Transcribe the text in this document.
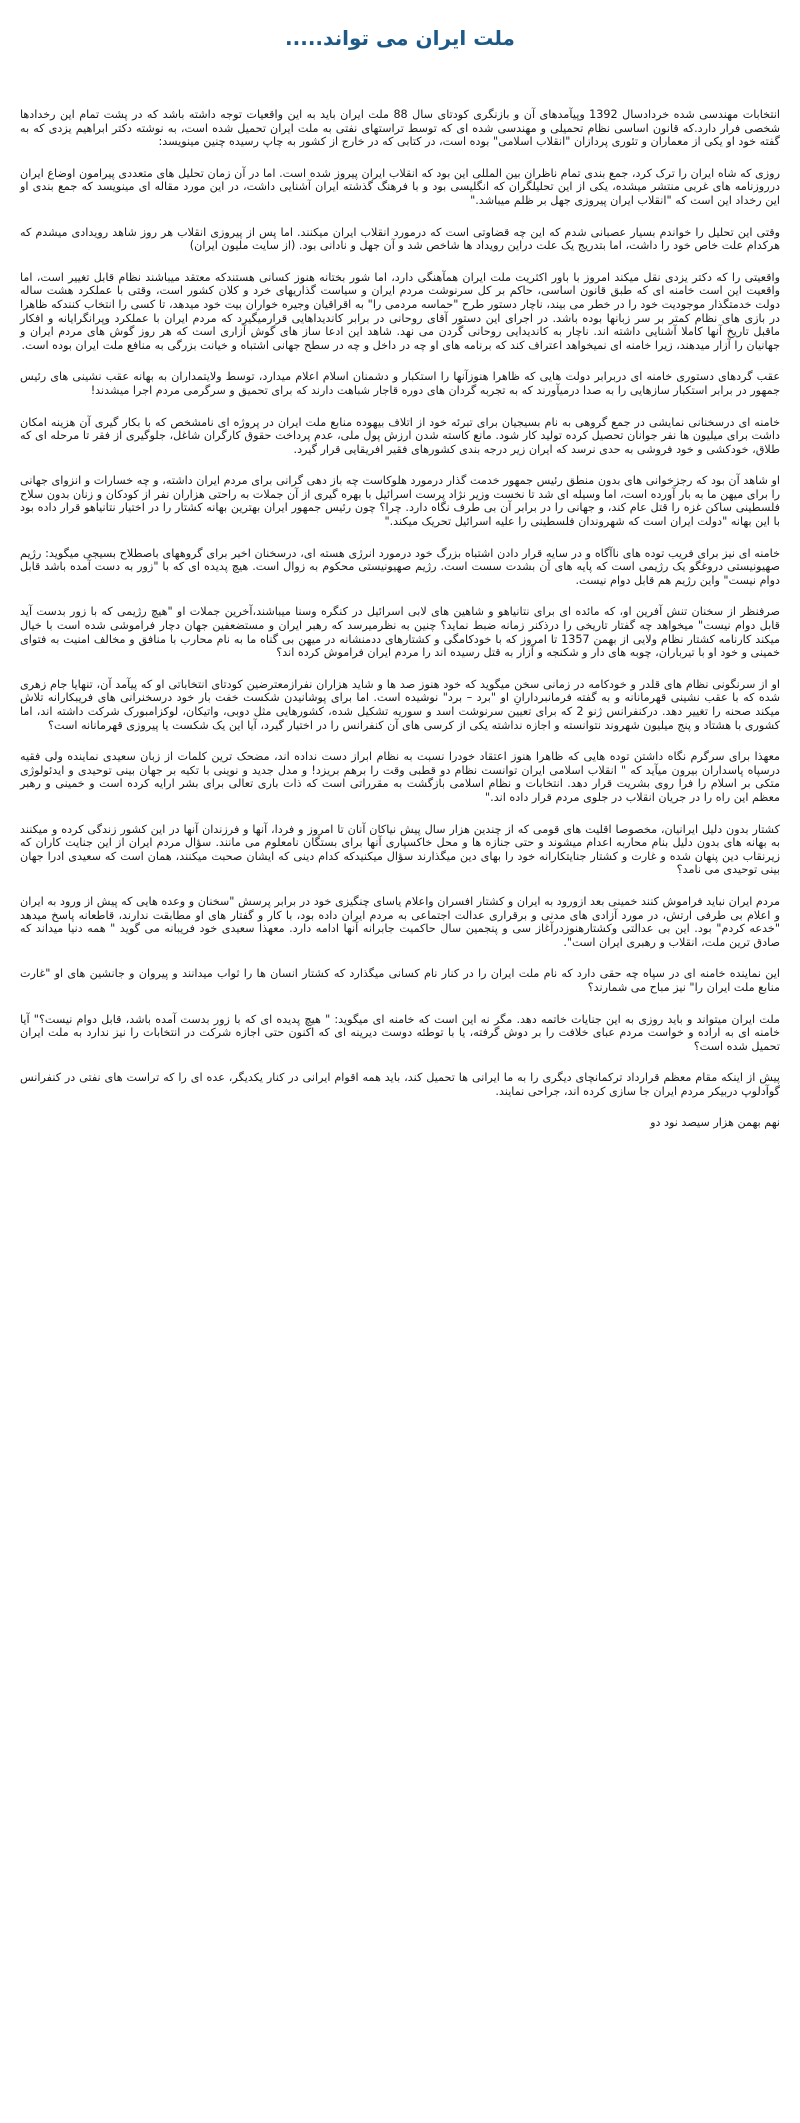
ملت ایران می تواند.....

انتخابات مهندسی شده خردادسال 1392 وپیآمدهای آن و بازنگری کودتای سال 88 ملت ایران باید به این واقعیات توجه داشته باشد که در پشت تمام این رخدادها شخصی فرار دارد.که قانون اساسی نظام تحمیلی و مهندسی شده ای که توسط تراستهای نفتی به ملت ایران تحمیل شده است، به نوشته دکتر ابراهیم یزدی که به گفته خود او یکی از معماران و تئوری پردازان "انقلاب اسلامی" بوده است، در کتابی که در خارج از کشور به چاپ رسیده چنین مینویسد:

روزی که شاه ایران را ترک کرد، جمع بندی تمام ناظران بین المللی این بود که انقلاب ایران پیروز شده است. اما در آن زمان تحلیل های متعددی پیرامون اوضاع ایران درروزنامه های غربی منتشر میشده، یکی از این تحلیلگران که انگلیسی بود و با فرهنگ گذشته ایران آشنایی داشت، در این مورد مقاله ای مینویسد که جمع بندی او این رخداد این است که "انقلاب ایران پیروزی جهل بر ظلم میباشد."

وقتی این تحلیل را خواندم بسیار عصبانی شدم که این چه قضاوتی است که درمورد انقلاب ایران میکنند. اما پس از پیروزی انقلاب هر روز شاهد رویدادی میشدم که هرکدام علت خاص خود را داشت، اما بتدریج یک علت دراین رویداد ها شاخص شد و آن جهل و نادانی بود. (از سایت ملیون ایران)

واقعیتی را که دکتر یزدی نقل میکند امروز با باور اکثریت ملت ایران همآهنگی دارد، اما شور بختانه هنوز کسانی هستندکه معتقد میباشند نظام قابل تغییر است، اما واقعیت این است خامنه ای که طبق قانون اساسی، حاکم بر کل سرنوشت مردم ایران و سیاست گذاریهای خرد و کلان کشور است، وقتی با عملکرد هشت ساله دولت خدمتگذار موجودیت خود را در خطر می بیند، ناچار دستور طرح "حماسه مردمی را" به اقراقیان وجیره خواران بیت خود میدهد، تا کسی را انتخاب کنندکه ظاهرا در بازی های نظام کمتر بر سر زبانها بوده باشد. در اجرای این دستور آقای روحانی در برابر کاندیداهایی قرارمیگیرد که مردم ایران با عملکرد وپرانگرایانه و افکار ماقبل تاریخ آنها کاملا آشنایی داشته اند. ناچار به کاندیدایی روحانی گردن می نهد. شاهد این ادعا ساز های گوش آزاری است که هر روز گوش های مردم ایران و جهانیان را آزار میدهند، زیرا خامنه ای نمیخواهد اعتراف کند که برنامه های او چه در داخل و چه در سطح جهانی اشتباه و خیانت بزرگی به منافع ملت ایران بوده است.

عقب گردهای دستوری خامنه ای دربرابر دولت هایی که ظاهرا هنوزآنها را استکبار و دشمنان اسلام اعلام میدارد، توسط ولایتمداران به بهانه عقب نشینی های رئیس جمهور در برابر استکبار سازهایی را به صدا درمیآورند که به تجربه گردان های دوره قاجار شباهت دارند که برای تحمیق و سرگرمی مردم اجرا میشدند!

خامنه ای درسخنانی نمایشی در جمع گروهی به نام بسیجیان برای تبرئه خود از اتلاف بیهوده منابع ملت ایران در پروژه ای نامشخص که با بکار گیری آن هزینه امکان داشت برای میلیون ها نفر جوانان تحصیل کرده تولید کار شود. مانع کاسته شدن ارزش پول ملی، عدم پرداخت حقوق کارگران شاغل، جلوگیری از فقر تا مرحله ای که طلاق، خودکشی و خود فروشی به حدی نرسد که ایران زیر درجه بندی کشورهای فقیر افریقایی قرار گیرد.

او شاهد آن بود که رجزخوانی های بدون منطق رئیس جمهور خدمت گذار درمورد هلوکاست چه باز دهی گرانی برای مردم ایران داشته، و چه خسارات و انزوای جهانی را برای میهن ما به بار آورده است، اما وسیله ای شد تا نخست وزیر نژاد پرست اسرائیل با بهره گیری از آن جملات به راحتی هزاران نفر از کودکان و زنان بدون سلاح فلسطینی ساکن غزه را قتل عام کند، و جهانی را در برابر آن بی طرف نگاه دارد. چرا؟ چون رئیس جمهور ایران بهترین بهانه کشتار را در اختیار نتانیاهو قرار داده بود با این بهانه "دولت ایران است که شهروندان فلسطینی را علیه اسرائیل تحریک میکند."

خامنه ای نیز برای فریب توده های ناآگاه و در سایه قرار دادن اشتباه بزرگ خود درمورد انرژی هسته ای، درسخنان اخیر برای گروههای باصطلاح بسیجی میگوید: رژیم صهیونیستی دروغگو یک رژیمی است که پایه های آن بشدت سست است. رژیم صهیونیستی محکوم به زوال است. هیچ پدیده ای که با "زور به دست آمده باشد قابل دوام نیست" واین رژیم هم قابل دوام نیست.

صرفنظر از سخنان تنش آفرین او، که مائده ای برای نتانیاهو و شاهین های لابی اسرائیل در کنگره وسنا میباشند،آخرین جملات او "هیچ رژیمی که با زور بدست آید قابل دوام نیست" میخواهد چه گفتار تاریخی را درذکنر زمانه ضبط نماید؟ چنین به نظرمیرسد که رهبر ایران و مستضعفین جهان دچار فراموشی شده است با خیال میکند کارنامه کشتار نظام ولایی از بهمن 1357 تا امروز که با خودکامگی و کشتارهای ددمنشانه در میهن بی گناه ما به نام محارب با منافق و مخالف امنیت به فتوای خمینی و خود او با تیرباران، چوبه های دار و شکنجه و آزار به قتل رسیده اند را مردم ایران فراموش کرده اند؟

او از سرنگونی نظام های قلدر و خودکامه در زمانی سخن میگوید که خود هنوز صد ها و شاید هزاران نفرازمعترضین کودتای انتخاباتی او که پیآمد آن، تنهایا جام زهری شده که با عقب نشینی قهرمانانه و به گفته فرمانبردارانِ او "برد – برد" نوشیده است. اما برای پوشانیدن شکست خفت بار خود درسخنرانی های فریبکارانه تلاش میکند صحنه را تغییر دهد. درکنفرانس ژنو 2 که برای تعیین سرنوشت اسد و سوریه تشکیل شده، کشورهایی مثل دوبی، واتیکان، لوکزامبورک شرکت داشته اند، اما کشوری با هشتاد و پنج میلیون شهروند نتوانسته و اجازه نداشته یکی از کرسی های آن کنفرانس را در اختیار گیرد، آیا این یک شکست یا پیروزی قهرمانانه است؟

معهذا برای سرگرم نگاه داشتن توده هایی که ظاهرا هنوز اعتقاد خودرا نسبت به نظام ابراز دست نداده اند، مضحک ترین کلمات از زبان سعیدی نماینده ولی فقیه درسپاه پاسداران بیرون میآید که " انقلاب اسلامی ایران توانست نظام دو قطبی وقت را برهم بریزد! و مدل جدید و نوینی با تکیه بر جهان بینی توحیدی و ایدئولوژی متکی بر اسلام را فرا روی بشریت قرار دهد. انتخابات و نظام اسلامی بازگشت به مقرراتی است که ذات باری تعالی برای بشر ارایه کرده است و خمینی و رهبر معظم این راه را در جریان انقلاب در جلوی مردم قرار داده اند."

کشتار بدون دلیل ایرانیان، مخصوصا اقلیت های قومی که از چندین هزار سال پیش نیاکان آنان تا امروز و فردا، آنها و فرزندان آنها در این کشور زندگی کرده و میکنند به بهانه های بدون دلیل بنام محاربه اعدام میشوند و حتی جنازه ها و محل خاکسپاری آنها برای بستگان نامعلوم می مانند. سؤال مردم ایران از این جنایت کاران که زیرنقاب دین پنهان شده و غارت و کشتار جنایتکارانه خود را بهای دین میگذارند سؤال میکنیدکه کدام دینی که ایشان صحبت میکنند، همان است که سعیدی ادرا جهان بینی توحیدی می نامد؟

مردم ایران نباید فراموش کنند خمینی بعد ازورود به ایران و کشتار افسران واعلام یاسای چنگیزی خود در برابر پرسش "سخنان و وعده هایی که پیش از ورود به ایران و اعلام بی طرفی ارتش، در مورد آزادی های مدنی و برقراری عدالت اجتماعی به مردم ایران داده بود، با کار و گفتار های او مطابقت ندارند، قاطعانه پاسخ میدهد "خدعه کردم" بود. این بی عدالتی وکشتارهنوزدرآغاز سی و پنجمین سال حاکمیت جابرانه آنها ادامه دارد. معهذا سعیدی خود فریبانه می گوید " همه دنیا میداند که صادق ترین ملت، انقلاب و رهبری ایران است".

این نماینده خامنه ای در سپاه چه حقی دارد که نام ملت ایران را در کنار نام کسانی میگذارد که کشتار انسان ها را ثواب میدانند و پیروان و جانشین های او "غارت منابع ملت ایران را" نیز مباح می شمارند؟

ملت ایران میتواند و باید روزی به این جنایات خاتمه دهد. مگر نه این است که خامنه ای میگوید: " هیچ پدیده ای که با زور بدست آمده باشد، قابل دوام نیست؟" آیا خامنه ای به اراده و خواست مردم عبای خلافت را بر دوش گرفته، یا با توطئه دوست دیرینه ای که اکنون حتی اجازه شرکت در انتخابات را نیز ندارد به ملت ایران تحمیل شده است؟

پیش از اینکه مقام معظم قرارداد ترکمانچای دیگری را به ما ایرانی ها تحمیل کند، باید همه اقوام ایرانی در کنار یکدیگر، عده ای را که تراست های نفتی در کنفرانس گوآدلوپ دربیکر مردم ایران جا سازی کرده اند، جراحی نمایند.

نهم بهمن هزار سیصد نود دو
